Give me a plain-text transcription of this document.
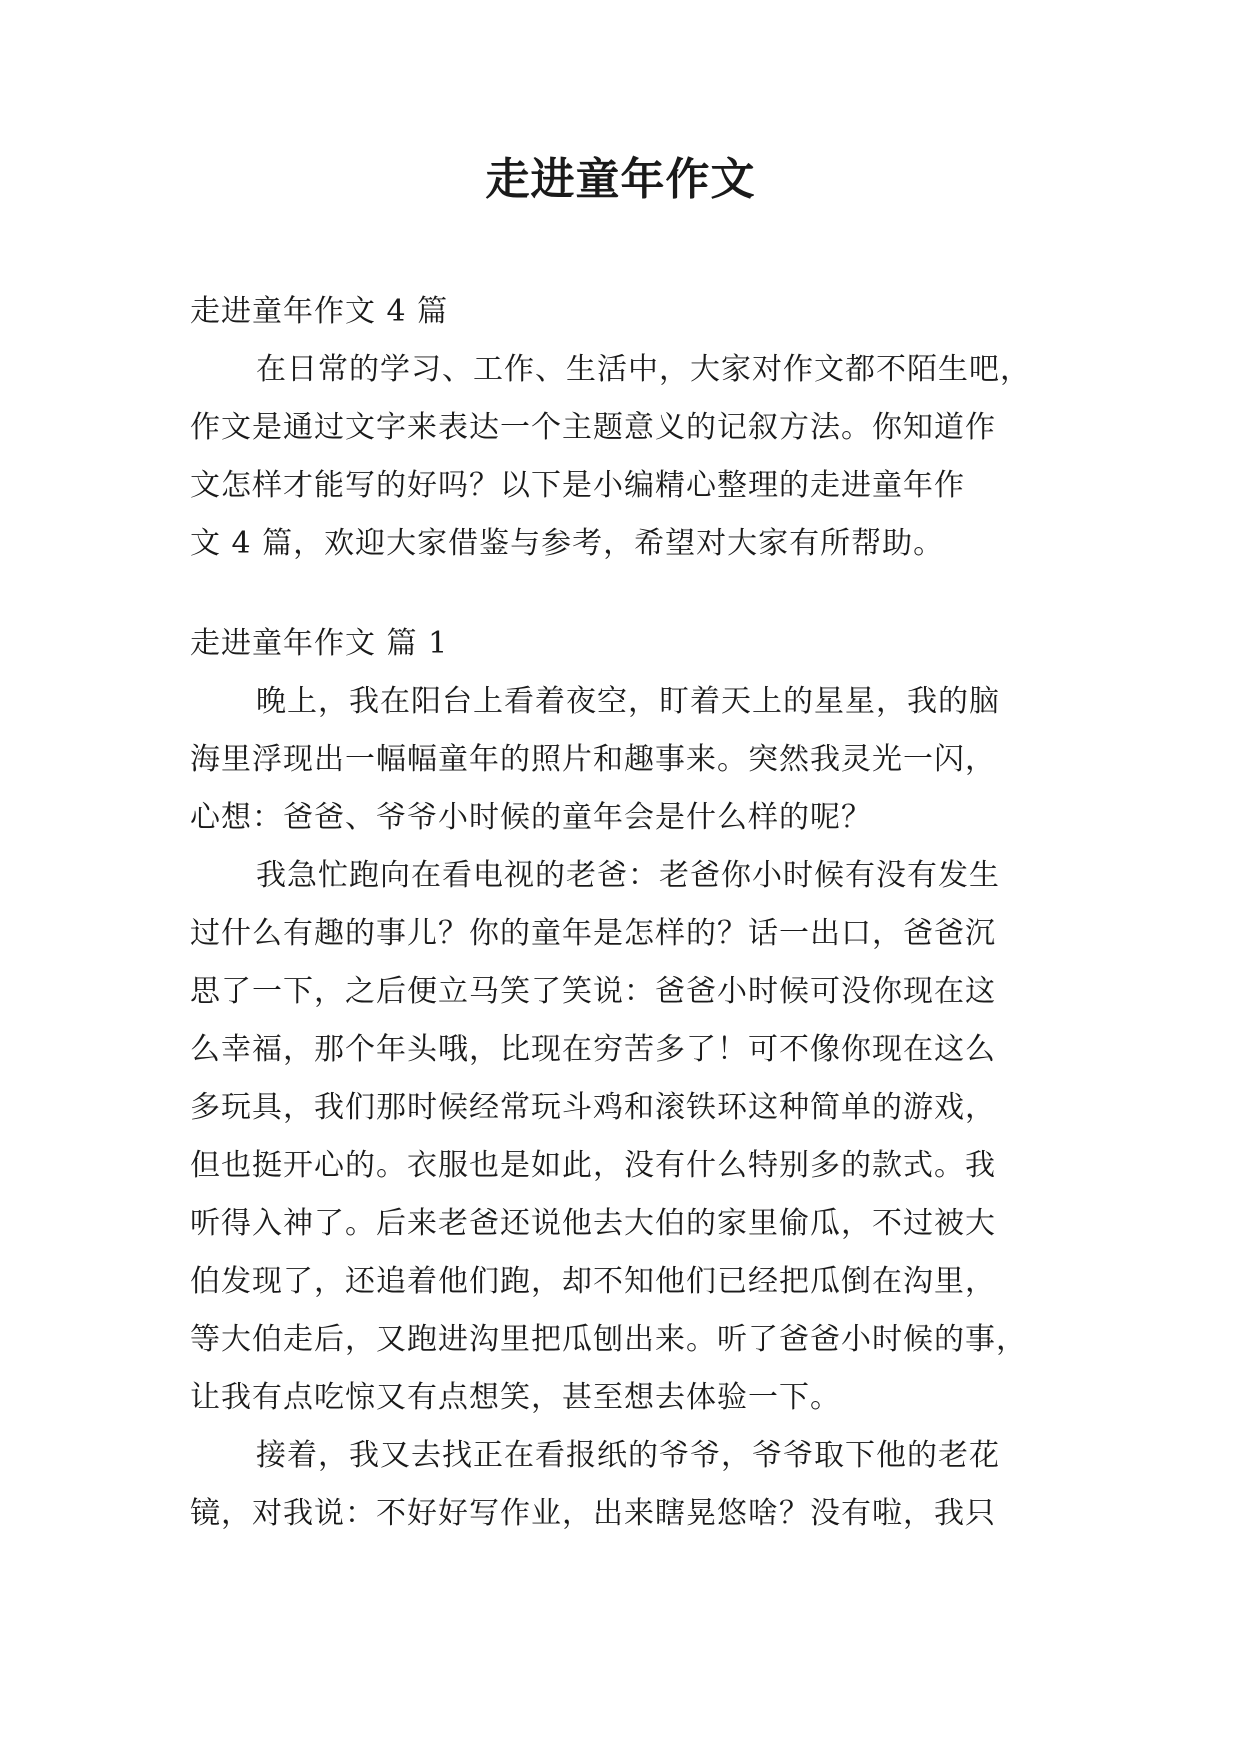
走进童年作文
走进童年作文 4 篇
在日常的学习、工作、生活中，大家对作文都不陌生吧，
作文是通过文字来表达一个主题意义的记叙方法。你知道作
文怎样才能写的好吗？以下是小编精心整理的走进童年作
文 4 篇，欢迎大家借鉴与参考，希望对大家有所帮助。
走进童年作文 篇 1
晚上，我在阳台上看着夜空，盯着天上的星星，我的脑
海里浮现出一幅幅童年的照片和趣事来。突然我灵光一闪，
心想：爸爸、爷爷小时候的童年会是什么样的呢？
我急忙跑向在看电视的老爸：老爸你小时候有没有发生
过什么有趣的事儿？你的童年是怎样的？话一出口，爸爸沉
思了一下，之后便立马笑了笑说：爸爸小时候可没你现在这
么幸福，那个年头哦，比现在穷苦多了！可不像你现在这么
多玩具，我们那时候经常玩斗鸡和滚铁环这种简单的游戏，
但也挺开心的。衣服也是如此，没有什么特别多的款式。我
听得入神了。后来老爸还说他去大伯的家里偷瓜，不过被大
伯发现了，还追着他们跑，却不知他们已经把瓜倒在沟里，
等大伯走后，又跑进沟里把瓜刨出来。听了爸爸小时候的事，
让我有点吃惊又有点想笑，甚至想去体验一下。
接着，我又去找正在看报纸的爷爷，爷爷取下他的老花
镜，对我说：不好好写作业，出来瞎晃悠啥？没有啦，我只
